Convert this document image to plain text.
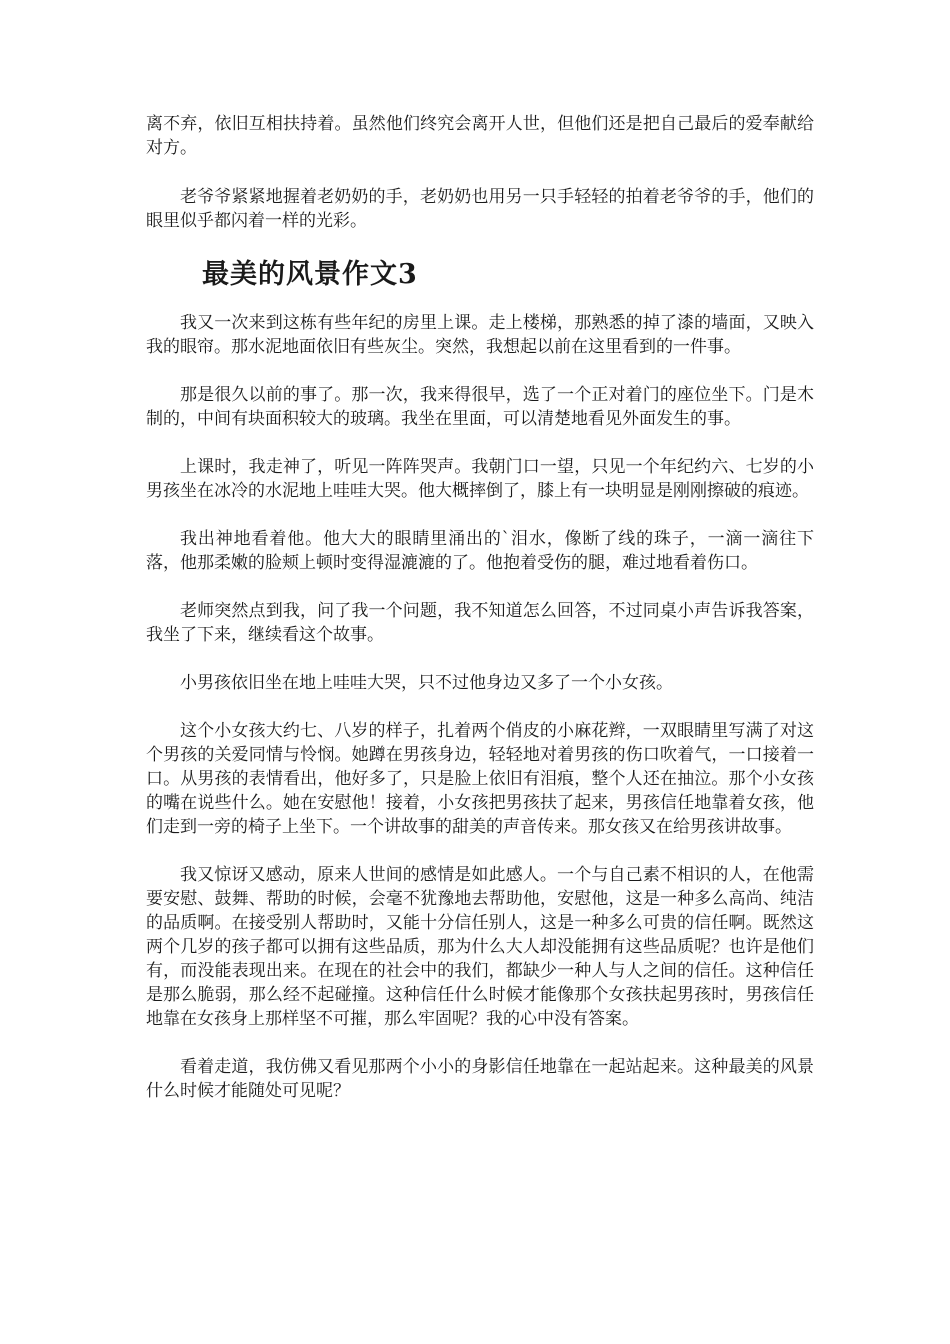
离不弃，依旧互相扶持着。虽然他们终究会离开人世，但他们还是把自己最后的爱奉献给对方。

老爷爷紧紧地握着老奶奶的手，老奶奶也用另一只手轻轻的拍着老爷爷的手，他们的眼里似乎都闪着一样的光彩。

最美的风景作文3

我又一次来到这栋有些年纪的房里上课。走上楼梯，那熟悉的掉了漆的墙面，又映入我的眼帘。那水泥地面依旧有些灰尘。突然，我想起以前在这里看到的一件事。

那是很久以前的事了。那一次，我来得很早，选了一个正对着门的座位坐下。门是木制的，中间有块面积较大的玻璃。我坐在里面，可以清楚地看见外面发生的事。

上课时，我走神了，听见一阵阵哭声。我朝门口一望，只见一个年纪约六、七岁的小男孩坐在冰冷的水泥地上哇哇大哭。他大概摔倒了，膝上有一块明显是刚刚擦破的痕迹。

我出神地看着他。他大大的眼睛里涌出的`泪水，像断了线的珠子，一滴一滴往下落，他那柔嫩的脸颊上顿时变得湿漉漉的了。他抱着受伤的腿，难过地看着伤口。

老师突然点到我，问了我一个问题，我不知道怎么回答，不过同桌小声告诉我答案，我坐了下来，继续看这个故事。

小男孩依旧坐在地上哇哇大哭，只不过他身边又多了一个小女孩。

这个小女孩大约七、八岁的样子，扎着两个俏皮的小麻花辫，一双眼睛里写满了对这个男孩的关爱同情与怜悯。她蹲在男孩身边，轻轻地对着男孩的伤口吹着气，一口接着一口。从男孩的表情看出，他好多了，只是脸上依旧有泪痕，整个人还在抽泣。那个小女孩的嘴在说些什么。她在安慰他！接着，小女孩把男孩扶了起来，男孩信任地靠着女孩，他们走到一旁的椅子上坐下。一个讲故事的甜美的声音传来。那女孩又在给男孩讲故事。

我又惊讶又感动，原来人世间的感情是如此感人。一个与自己素不相识的人，在他需要安慰、鼓舞、帮助的时候，会毫不犹豫地去帮助他，安慰他，这是一种多么高尚、纯洁的品质啊。在接受别人帮助时，又能十分信任别人，这是一种多么可贵的信任啊。既然这两个几岁的孩子都可以拥有这些品质，那为什么大人却没能拥有这些品质呢？也许是他们有，而没能表现出来。在现在的社会中的我们，都缺少一种人与人之间的信任。这种信任是那么脆弱，那么经不起碰撞。这种信任什么时候才能像那个女孩扶起男孩时，男孩信任地靠在女孩身上那样坚不可摧，那么牢固呢？我的心中没有答案。

看着走道，我仿佛又看见那两个小小的身影信任地靠在一起站起来。这种最美的风景什么时候才能随处可见呢？
